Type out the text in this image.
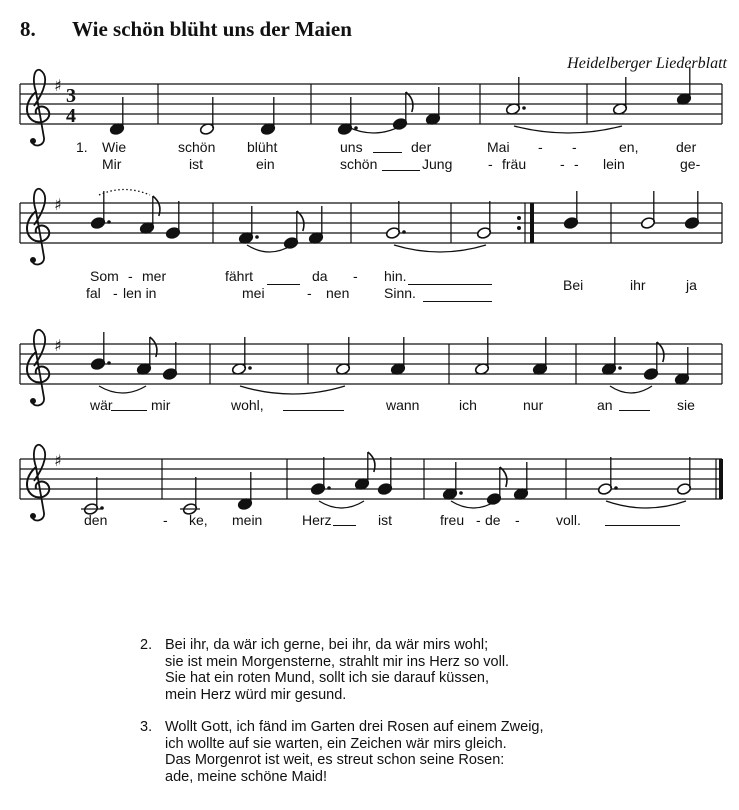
8. Wie schön blüht uns der Maien
Heidelberger Liederblatt
♯ 3
4
♯
♯
♯
1. Wie	schön blüht	uns	der	Mai - -	en,	der
Mir	ist	ein	schön	Jung	- fräu - - lein	ge-
Som - mer	fährt	da - hin.
fal - len in	mei	- nen Sinn.	Bei	ihr	ja
wär	mir	wohl,	wann	ich	nur	an	sie
den	- ke, mein	Herz	ist	freu - de -	voll.
2. Bei ihr, da wär ich gerne, bei ihr, da wär mirs wohl;
sie ist mein Morgensterne, strahlt mir ins Herz so voll.
Sie hat ein roten Mund, sollt ich sie darauf küssen,
mein Herz würd mir gesund.
3. Wollt Gott, ich fänd im Garten drei Rosen auf einem Zweig,
ich wollte auf sie warten, ein Zeichen wär mirs gleich.
Das Morgenrot ist weit, es streut schon seine Rosen:
ade, meine schöne Maid!
